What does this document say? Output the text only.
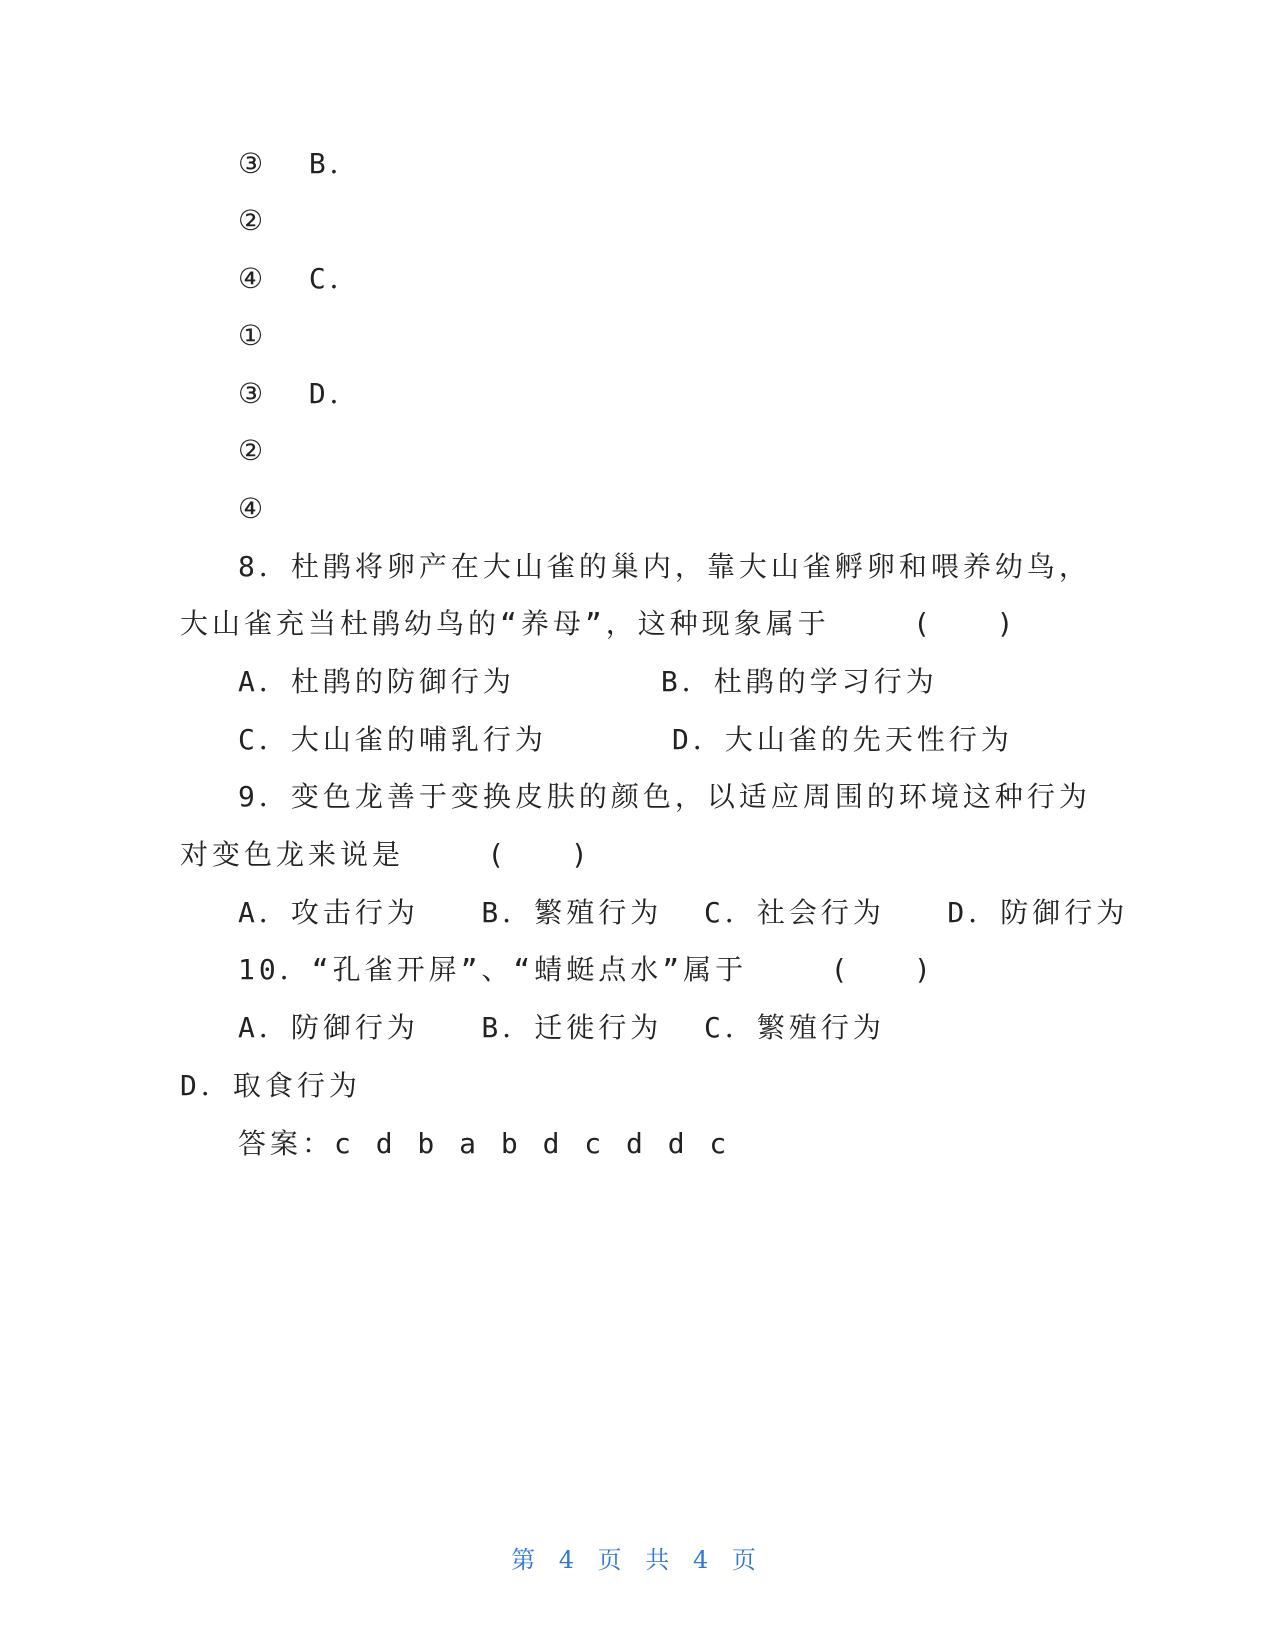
③  B．
②
④  C．
①
③  D．
②
④
8．杜鹃将卵产在大山雀的巢内，靠大山雀孵卵和喂养幼鸟，
大山雀充当杜鹃幼鸟的“养母”，这种现象属于    (   )
A．杜鹃的防御行为       B．杜鹃的学习行为
C．大山雀的哺乳行为      D．大山雀的先天性行为
9．变色龙善于变换皮肤的颜色，以适应周围的环境这种行为
对变色龙来说是    (   )
A．攻击行为   B．繁殖行为  C．社会行为   D．防御行为
10．“孔雀开屏”、“蜻蜓点水”属于    (   )
A．防御行为   B．迁徙行为  C．繁殖行为
D．取食行为
答案：c d b a b d c d d c
第 4 页 共 4 页
